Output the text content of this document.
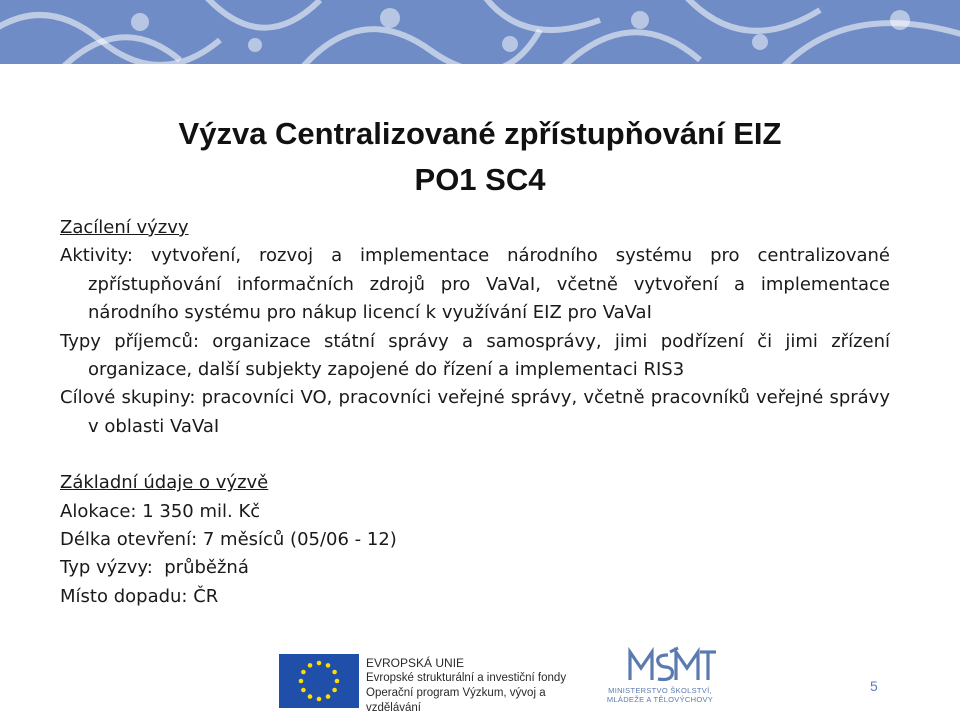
Výzva Centralizované zpřístupňování EIZ
PO1 SC4

Zacílení výzvy

Aktivity: vytvoření, rozvoj a implementace národního systému pro centralizované zpřístupňování informačních zdrojů pro VaVaI, včetně vytvoření a implementace národního systému pro nákup licencí k využívání EIZ pro VaVaI

Typy příjemců: organizace státní správy a samosprávy, jimi podřízení či jimi zřízení organizace, další subjekty zapojené do řízení a implementaci RIS3

Cílové skupiny: pracovníci VO, pracovníci veřejné správy, včetně pracovníků veřejné správy v oblasti VaVaI

Základní údaje o výzvě

Alokace: 1 350 mil. Kč

Délka otevření: 7 měsíců (05/06 - 12)

Typ výzvy:  průběžná

Místo dopadu: ČR

EVROPSKÁ UNIE
Evropské strukturální a investiční fondy
Operační program Výzkum, vývoj a vzdělávání
MINISTERSTVO ŠKOLSTVÍ,
MLÁDEŽE A TĚLOVÝCHOVY
5
